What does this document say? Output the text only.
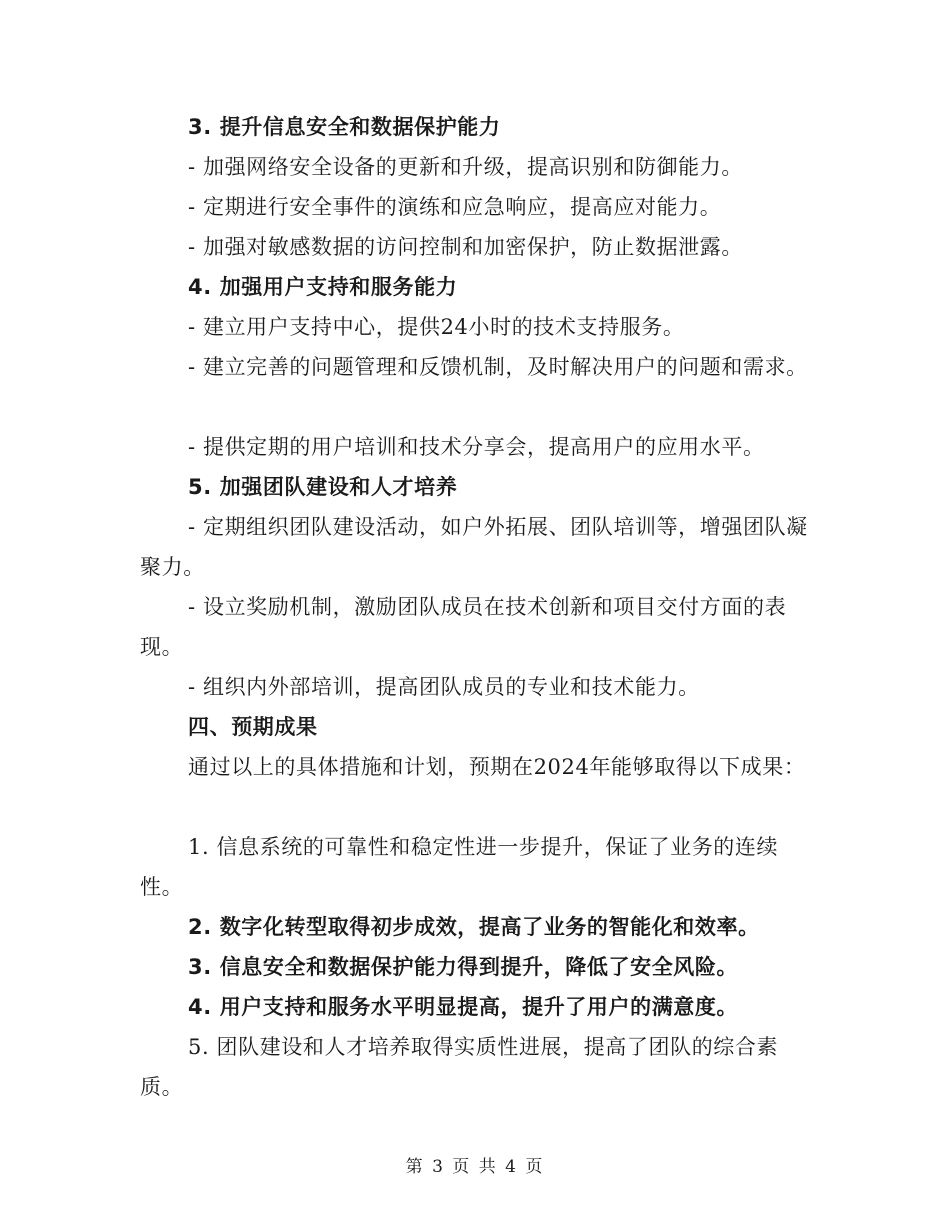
3. 提升信息安全和数据保护能力
- 加强网络安全设备的更新和升级，提高识别和防御能力。
- 定期进行安全事件的演练和应急响应，提高应对能力。
- 加强对敏感数据的访问控制和加密保护，防止数据泄露。
4. 加强用户支持和服务能力
- 建立用户支持中心，提供24小时的技术支持服务。
- 建立完善的问题管理和反馈机制，及时解决用户的问题和需求。
- 提供定期的用户培训和技术分享会，提高用户的应用水平。
5. 加强团队建设和人才培养
- 定期组织团队建设活动，如户外拓展、团队培训等，增强团队凝聚力。
- 设立奖励机制，激励团队成员在技术创新和项目交付方面的表现。
- 组织内外部培训，提高团队成员的专业和技术能力。
四、预期成果
通过以上的具体措施和计划，预期在2024年能够取得以下成果：
1. 信息系统的可靠性和稳定性进一步提升，保证了业务的连续性。
2. 数字化转型取得初步成效，提高了业务的智能化和效率。
3. 信息安全和数据保护能力得到提升，降低了安全风险。
4. 用户支持和服务水平明显提高，提升了用户的满意度。
5. 团队建设和人才培养取得实质性进展，提高了团队的综合素质。
第 3 页 共 4 页
